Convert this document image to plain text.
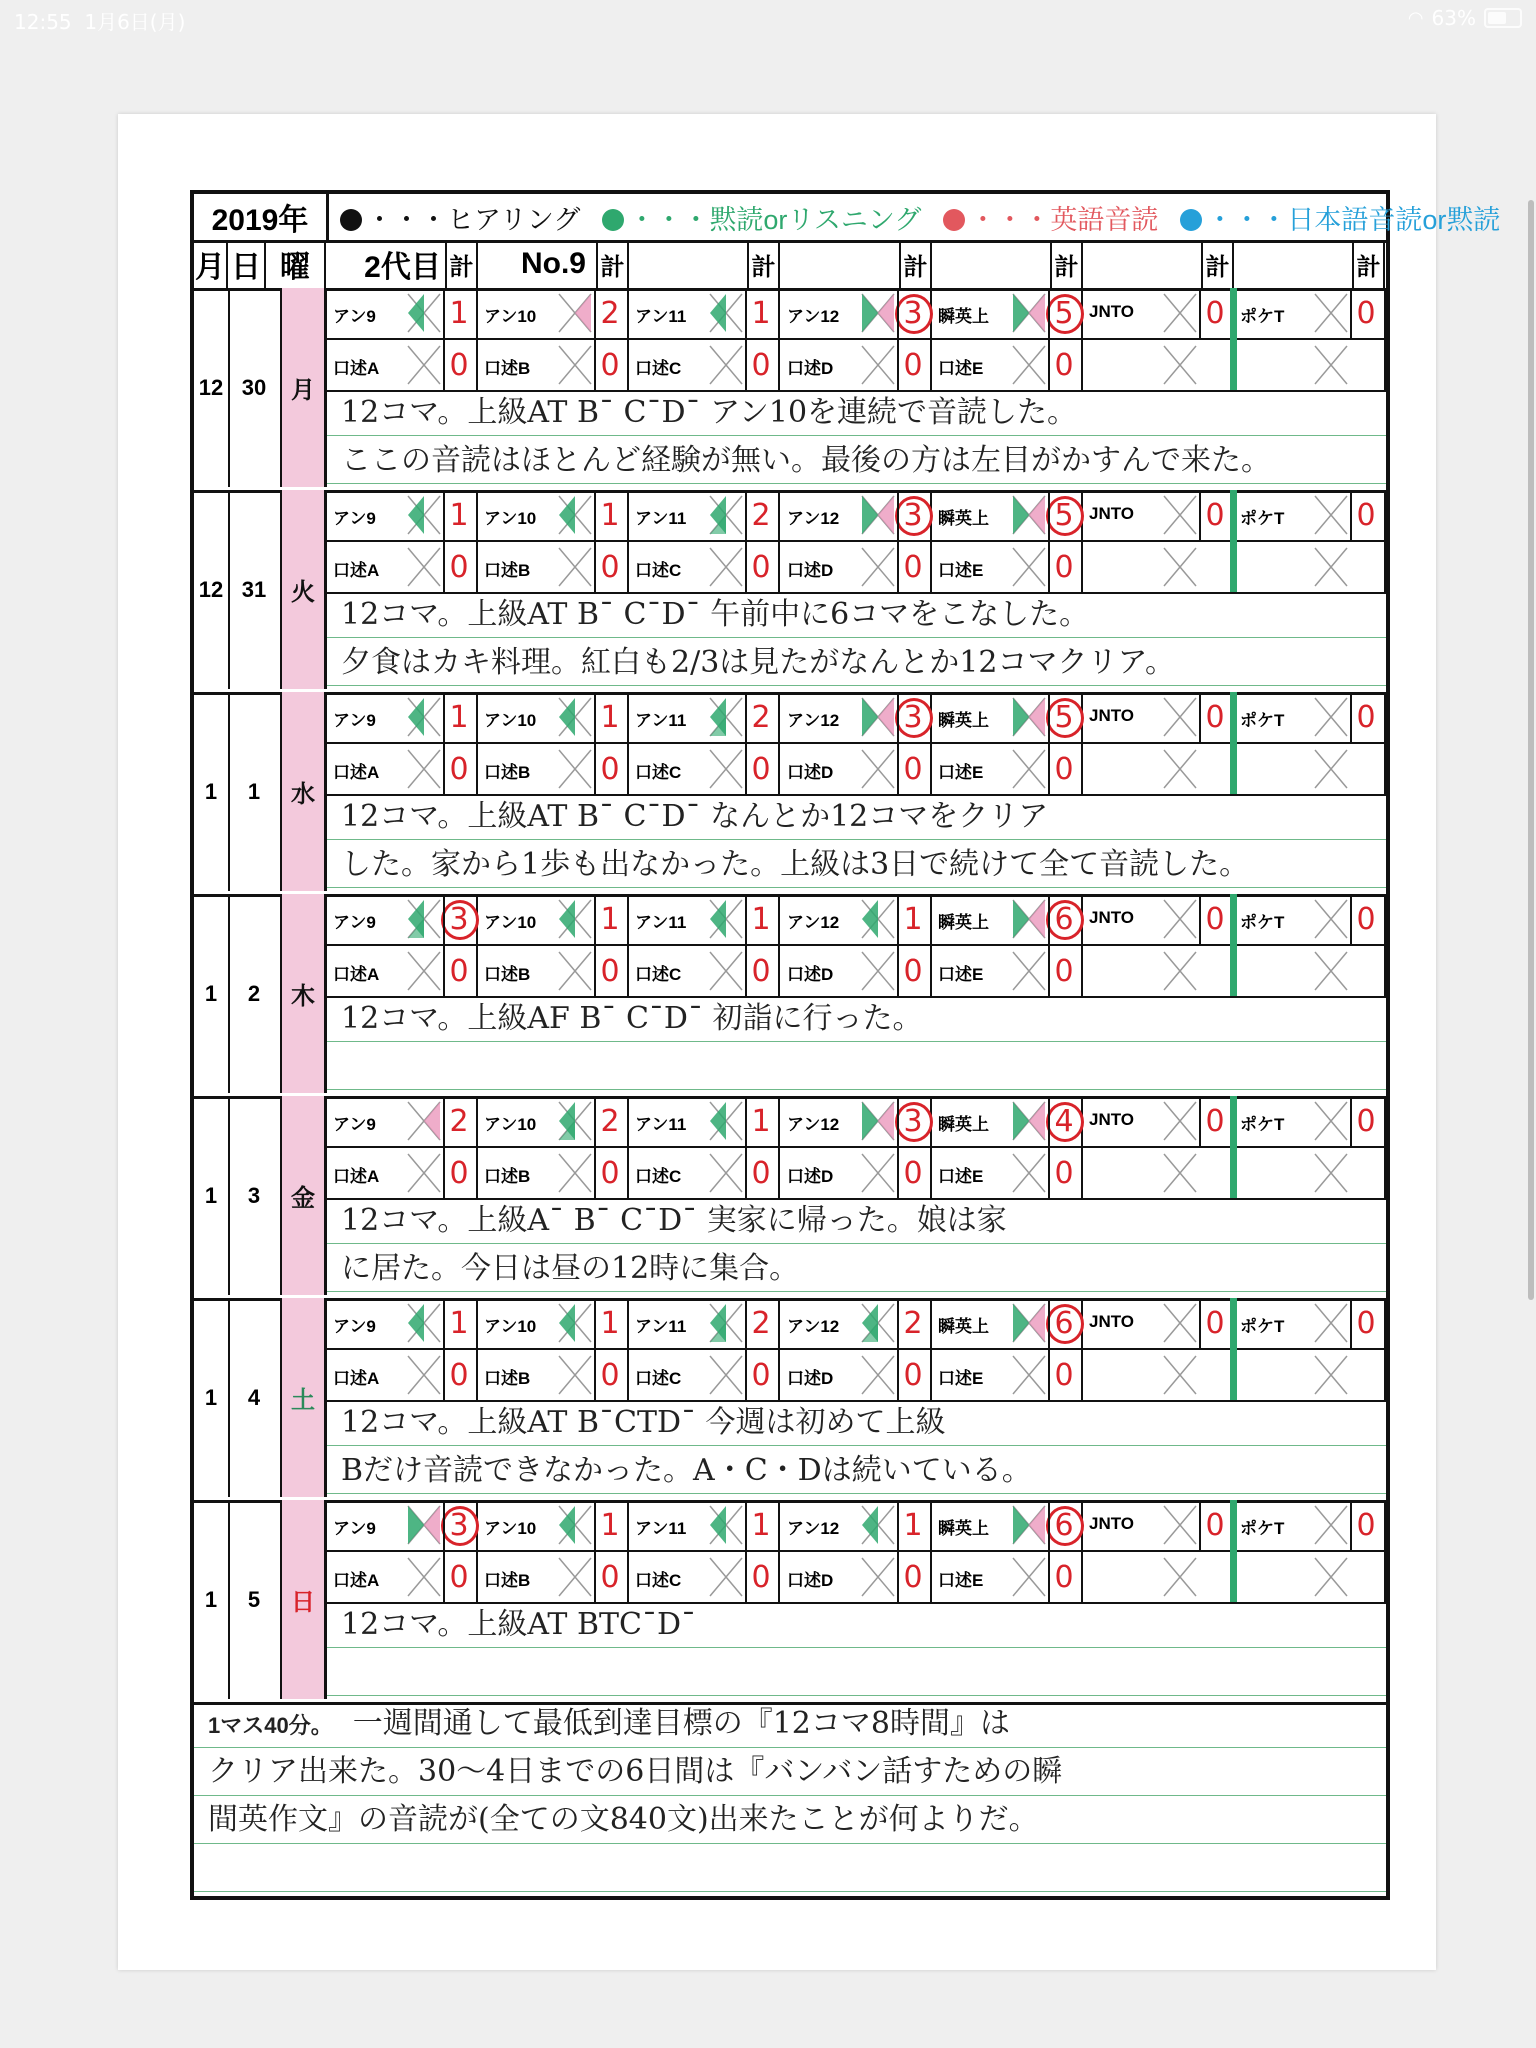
12:55 1月6日(月)	◠ 63%
2019年	・・・ヒアリング	・・・黙読orリスニング	・・・英語音読	・・・日本語音読or黙読
月 日 曜	2代目 計 No.9 計	計	計	計	計	計
12 30	月
アン9 1 アン10 2 アン11 1 アン12 3 瞬英上 5 JNTO 0 ポケT 0
口述A 0 口述B 0 口述C 0 口述D 0 口述E 0
12コマ。上級AT B¯ C¯D¯ アン10を連続で音読した。
ここの音読はほとんど経験が無い。最後の方は左目がかすんで来た。
12 31	火
アン9 1 アン10 1 アン11 2 アン12 3 瞬英上 5 JNTO 0 ポケT 0
口述A 0 口述B 0 口述C 0 口述D 0 口述E 0
12コマ。上級AT B¯ C¯D¯ 午前中に6コマをこなした。
夕食はカキ料理。紅白も2/3は見たがなんとか12コマクリア。
1	1	水
アン9 1 アン10 1 アン11 2 アン12 3 瞬英上 5 JNTO 0 ポケT 0
口述A 0 口述B 0 口述C 0 口述D 0 口述E 0
12コマ。上級AT B¯ C¯D¯ なんとか12コマをクリア
した。家から1歩も出なかった。上級は3日で続けて全て音読した。
1	2	木
アン9 3 アン10 1 アン11 1 アン12 1 瞬英上 6 JNTO 0 ポケT 0
口述A 0 口述B 0 口述C 0 口述D 0 口述E 0
12コマ。上級AF B¯ C¯D¯ 初詣に行った。
1	3	金
アン9 2 アン10 2 アン11 1 アン12 3 瞬英上 4 JNTO 0 ポケT 0
口述A 0 口述B 0 口述C 0 口述D 0 口述E 0
12コマ。上級A¯ B¯ C¯D¯ 実家に帰った。娘は家
に居た。今日は昼の12時に集合。
1	4	土
アン9 1 アン10 1 アン11 2 アン12 2 瞬英上 6 JNTO 0 ポケT 0
口述A 0 口述B 0 口述C 0 口述D 0 口述E 0
12コマ。上級AT B¯CTD¯ 今週は初めて上級
Bだけ音読できなかった。A・C・Dは続いている。
1	5	日
アン9 3 アン10 1 アン11 1 アン12 1 瞬英上 6 JNTO 0 ポケT 0
口述A 0 口述B 0 口述C 0 口述D 0 口述E 0
12コマ。上級AT BTC¯D¯
1マス40分。 一週間通して最低到達目標の『12コマ8時間』は
クリア出来た。30〜4日までの6日間は『バンバン話すための瞬
間英作文』の音読が(全ての文840文)出来たことが何よりだ。
